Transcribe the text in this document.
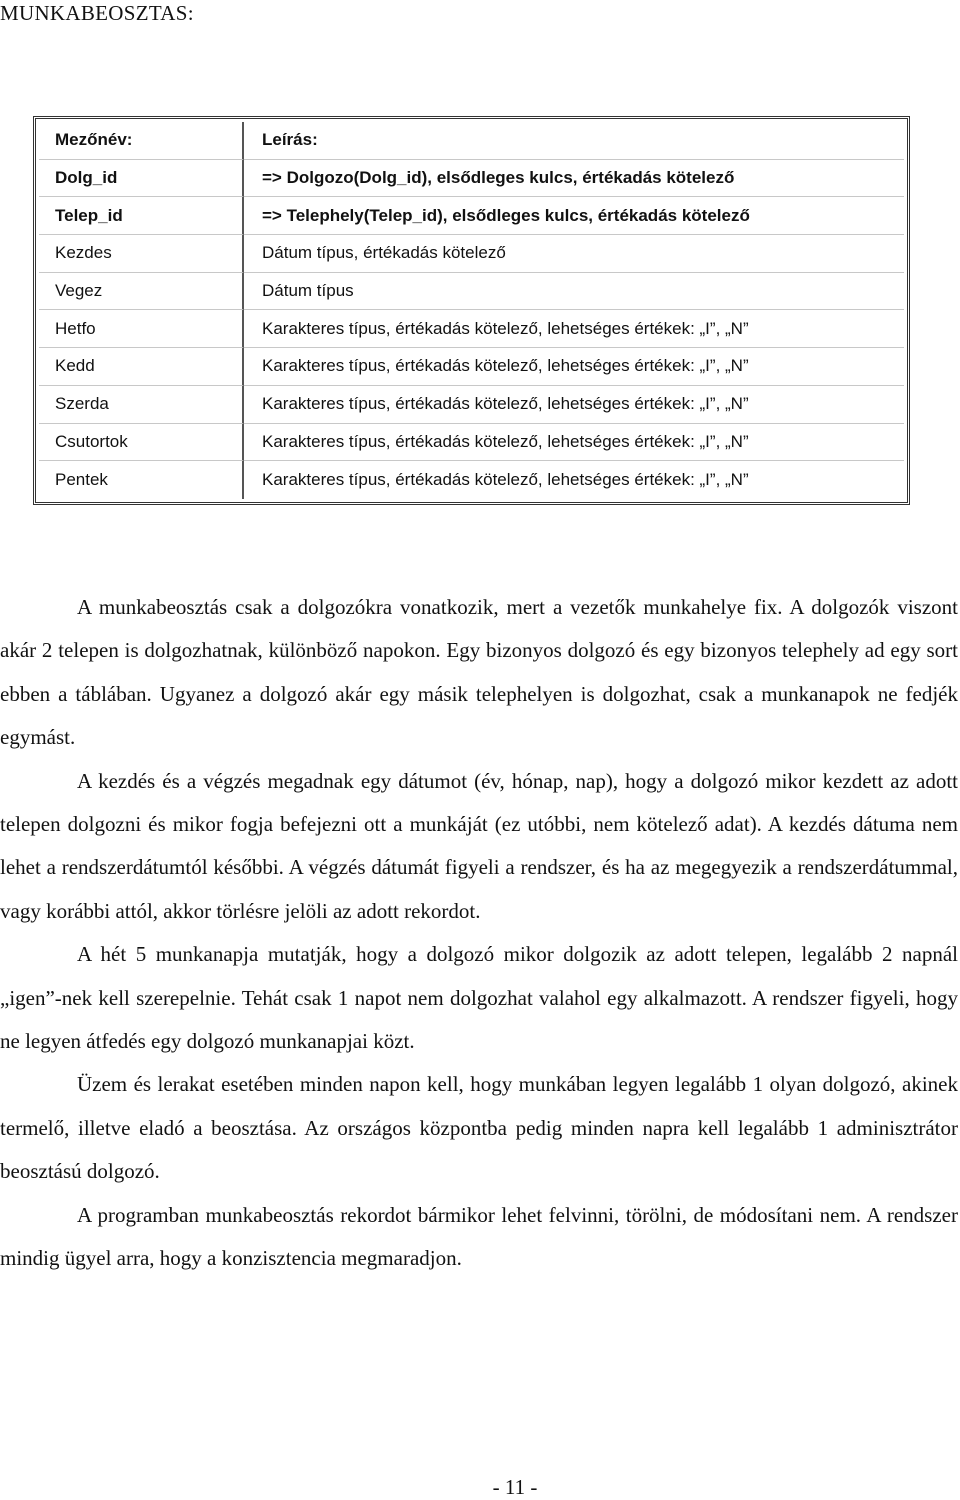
MUNKABEOSZTAS:
Mezőnév:	Leírás:
Dolg_id	=> Dolgozo(Dolg_id), elsődleges kulcs, értékadás kötelező
Telep_id	=> Telephely(Telep_id), elsődleges kulcs, értékadás kötelező
Kezdes	Dátum típus, értékadás kötelező
Vegez	Dátum típus
Hetfo	Karakteres típus, értékadás kötelező, lehetséges értékek: „I”, „N”
Kedd	Karakteres típus, értékadás kötelező, lehetséges értékek: „I”, „N”
Szerda	Karakteres típus, értékadás kötelező, lehetséges értékek: „I”, „N”
Csutortok	Karakteres típus, értékadás kötelező, lehetséges értékek: „I”, „N”
Pentek	Karakteres típus, értékadás kötelező, lehetséges értékek: „I”, „N”

A munkabeosztás csak a dolgozókra vonatkozik, mert a vezetők munkahelye fix. A dolgozók viszont akár 2 telepen is dolgozhatnak, különböző napokon. Egy bizonyos dolgozó és egy bizonyos telephely ad egy sort ebben a táblában. Ugyanez a dolgozó akár egy másik telephelyen is dolgozhat, csak a munkanapok ne fedjék egymást.

A kezdés és a végzés megadnak egy dátumot (év, hónap, nap), hogy a dolgozó mikor kezdett az adott telepen dolgozni és mikor fogja befejezni ott a munkáját (ez utóbbi, nem kötelező adat). A kezdés dátuma nem lehet a rendszerdátumtól későbbi. A végzés dátumát figyeli a rendszer, és ha az megegyezik a rendszerdátummal, vagy korábbi attól, akkor törlésre jelöli az adott rekordot.

A hét 5 munkanapja mutatják, hogy a dolgozó mikor dolgozik az adott telepen, legalább 2 napnál „igen”-nek kell szerepelnie. Tehát csak 1 napot nem dolgozhat valahol egy alkalmazott. A rendszer figyeli, hogy ne legyen átfedés egy dolgozó munkanapjai közt.

Üzem és lerakat esetében minden napon kell, hogy munkában legyen legalább 1 olyan dolgozó, akinek termelő, illetve eladó a beosztása. Az országos központba pedig minden napra kell legalább 1 adminisztrátor beosztású dolgozó.

A programban munkabeosztás rekordot bármikor lehet felvinni, törölni, de módosítani nem. A rendszer mindig ügyel arra, hogy a konzisztencia megmaradjon.

- 11 -
